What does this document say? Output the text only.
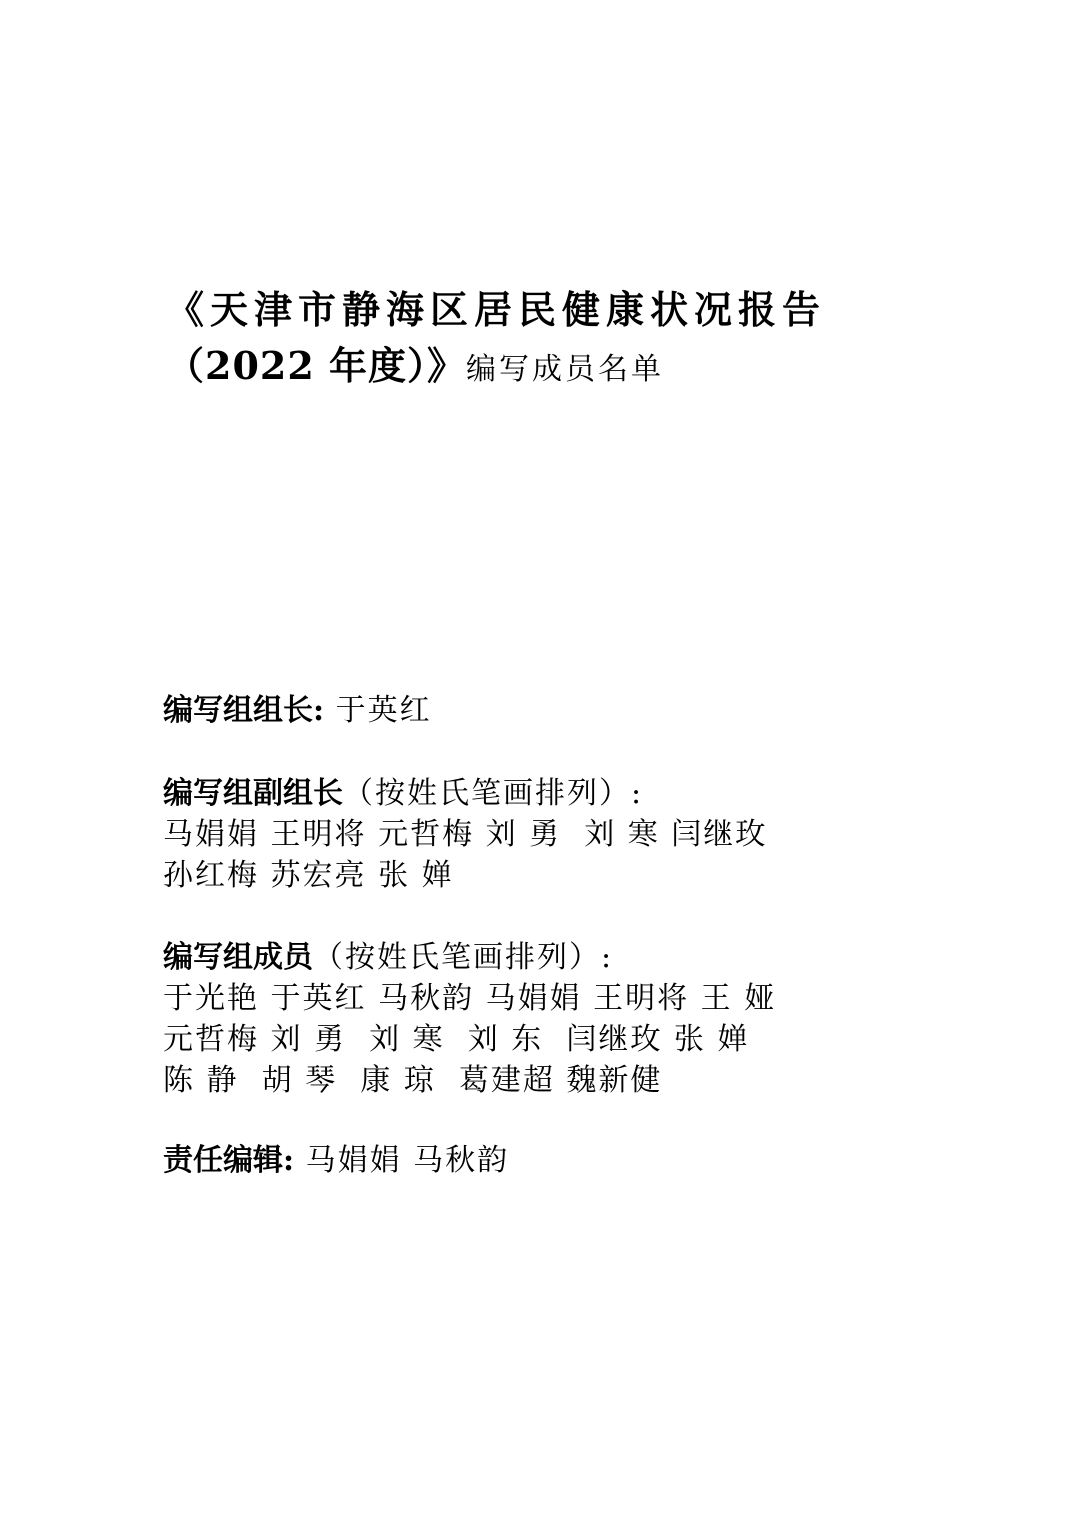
《天津市静海区居民健康状况报告
（2022 年度）》编写成员名单
编写组组长: 于英红
编写组副组长（按姓氏笔画排列）:
马娟娟 王明将 元哲梅 刘 勇  刘 寒 闫继玫
孙红梅 苏宏亮 张 婵
编写组成员（按姓氏笔画排列）:
于光艳 于英红 马秋韵 马娟娟 王明将 王 娅
元哲梅 刘 勇  刘 寒  刘 东  闫继玫 张 婵
陈 静  胡 琴  康 琼  葛建超 魏新健
责任编辑: 马娟娟 马秋韵
